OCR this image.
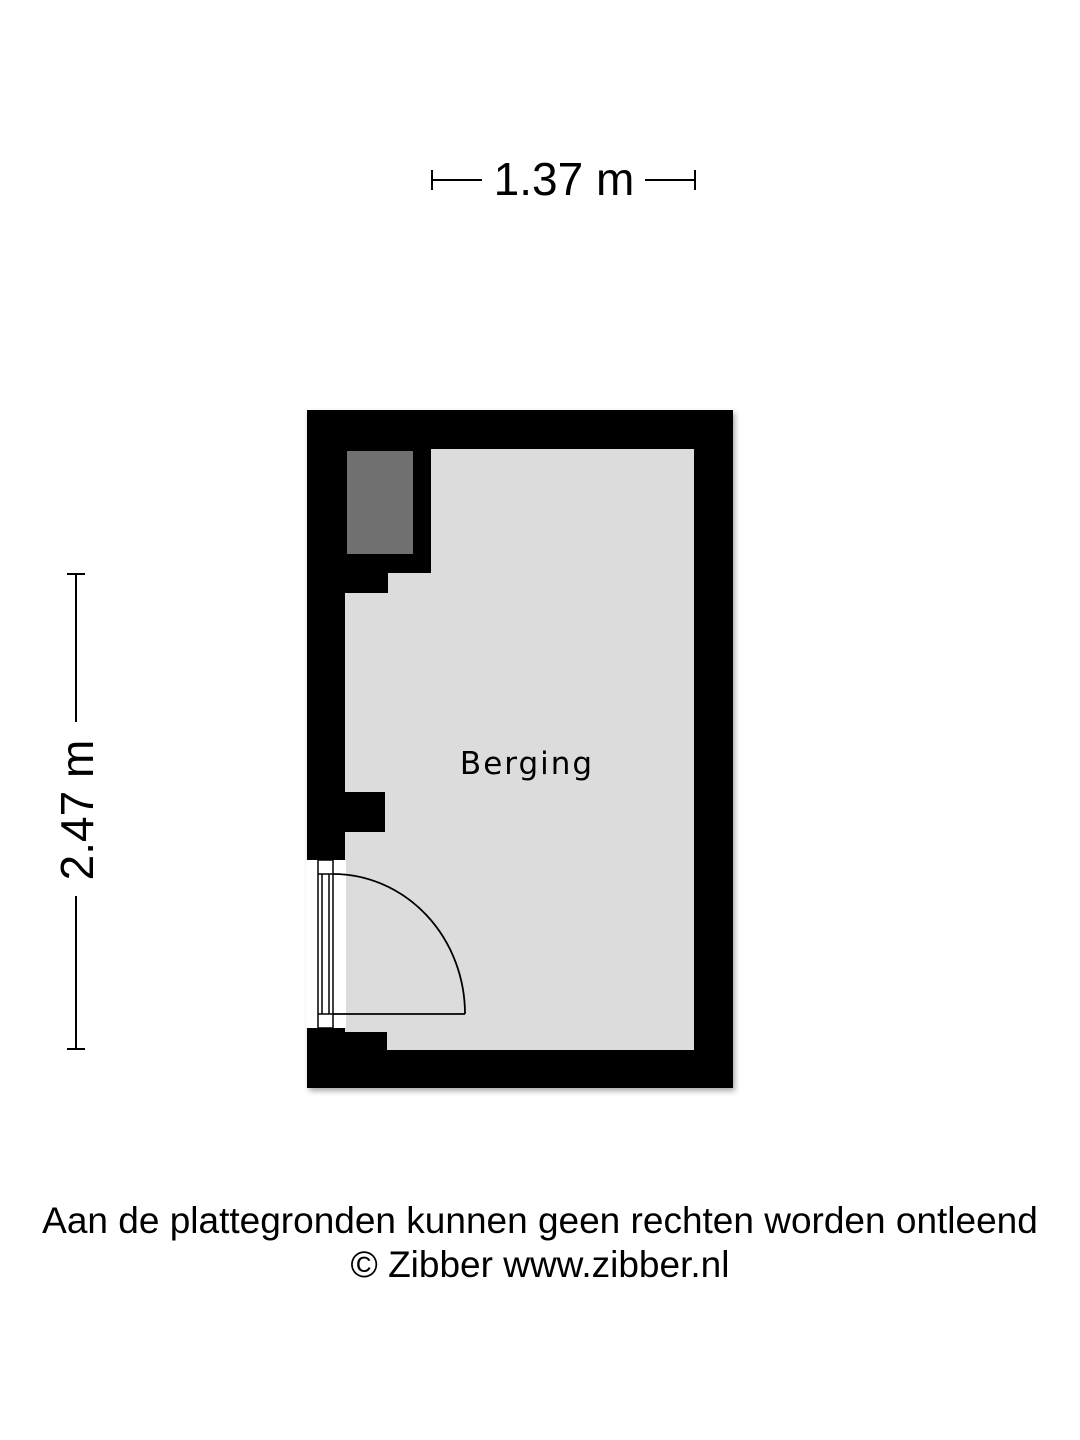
1.37 m
2.47 m	Berging
Aan de plattegronden kunnen geen rechten worden ontleend
© Zibber www.zibber.nl
